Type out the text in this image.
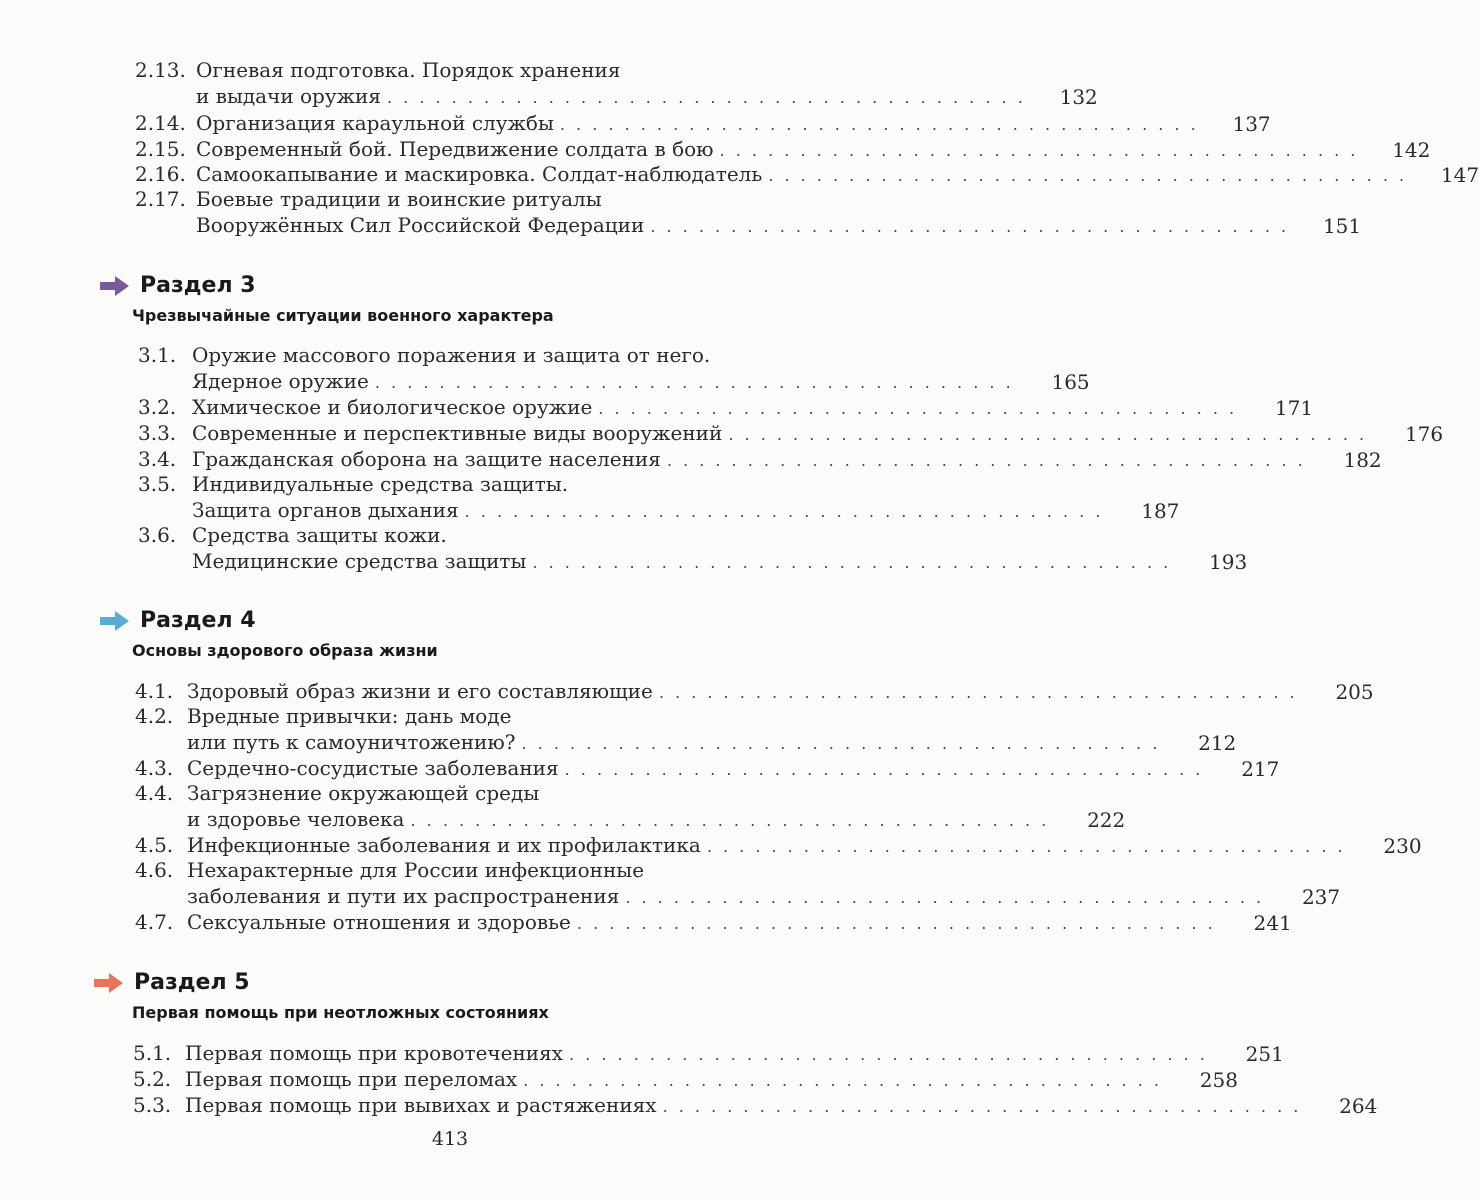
2.13. Огневая подготовка. Порядок хранения
и выдачи оружия . . . . . . . . . . . . . . . . . . . . . . . . . . . . . . . . . . . . . . . .	132
2.14. Организация караульной службы . . . . . . . . . . . . . . . . . . . . . . . . . . . . . . . . . . . . . . . .	137
2.15. Современный бой. Передвижение солдата в бою . . . . . . . . . . . . . . . . . . . . . . . . . . . . . . . . . . . . . . . .	142
2.16. Самоокапывание и маскировка. Солдат-наблюдатель . . . . . . . . . . . . . . . . . . . . . . . . . . . . . . . . . . . . . . . .	147
2.17. Боевые традиции и воинские ритуалы
Вооружённых Сил Российской Федерации . . . . . . . . . . . . . . . . . . . . . . . . . . . . . . . . . . . . . . . .	151
Раздел 3
Чрезвычайные ситуации военного характера
3.1. Оружие массового поражения и защита от него.
Ядерное оружие . . . . . . . . . . . . . . . . . . . . . . . . . . . . . . . . . . . . . . . .	165
3.2. Химическое и биологическое оружие . . . . . . . . . . . . . . . . . . . . . . . . . . . . . . . . . . . . . . . .	171
3.3. Современные и перспективные виды вооружений . . . . . . . . . . . . . . . . . . . . . . . . . . . . . . . . . . . . . . . .	176
3.4. Гражданская оборона на защите населения . . . . . . . . . . . . . . . . . . . . . . . . . . . . . . . . . . . . . . . .	182
3.5. Индивидуальные средства защиты.
Защита органов дыхания . . . . . . . . . . . . . . . . . . . . . . . . . . . . . . . . . . . . . . . .	187
3.6. Средства защиты кожи.
Медицинские средства защиты . . . . . . . . . . . . . . . . . . . . . . . . . . . . . . . . . . . . . . . .	193
Раздел 4
Основы здорового образа жизни
4.1. Здоровый образ жизни и его составляющие . . . . . . . . . . . . . . . . . . . . . . . . . . . . . . . . . . . . . . . .	205
4.2. Вредные привычки: дань моде
или путь к самоуничтожению? . . . . . . . . . . . . . . . . . . . . . . . . . . . . . . . . . . . . . . . .	212
4.3. Сердечно-сосудистые заболевания . . . . . . . . . . . . . . . . . . . . . . . . . . . . . . . . . . . . . . . .	217
4.4. Загрязнение окружающей среды
и здоровье человека . . . . . . . . . . . . . . . . . . . . . . . . . . . . . . . . . . . . . . . .	222
4.5. Инфекционные заболевания и их профилактика . . . . . . . . . . . . . . . . . . . . . . . . . . . . . . . . . . . . . . . .	230
4.6. Нехарактерные для России инфекционные
заболевания и пути их распространения . . . . . . . . . . . . . . . . . . . . . . . . . . . . . . . . . . . . . . . .	237
4.7. Сексуальные отношения и здоровье . . . . . . . . . . . . . . . . . . . . . . . . . . . . . . . . . . . . . . . .	241
Раздел 5
Первая помощь при неотложных состояниях
5.1. Первая помощь при кровотечениях . . . . . . . . . . . . . . . . . . . . . . . . . . . . . . . . . . . . . . . .	251
5.2. Первая помощь при переломах . . . . . . . . . . . . . . . . . . . . . . . . . . . . . . . . . . . . . . . .	258
5.3. Первая помощь при вывихах и растяжениях . . . . . . . . . . . . . . . . . . . . . . . . . . . . . . . . . . . . . . . .	264
413
